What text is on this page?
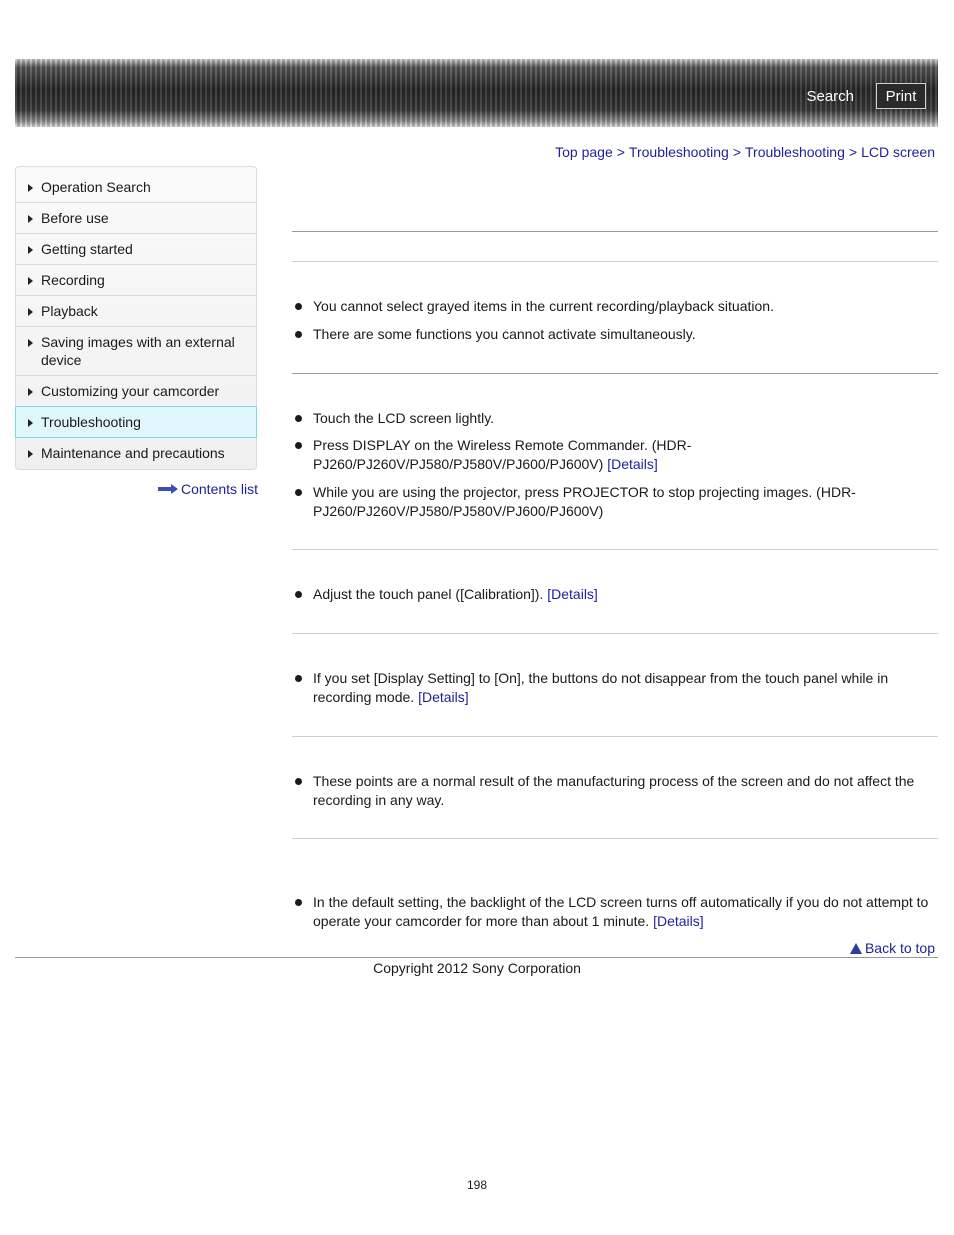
Search	Print
Top page > Troubleshooting > Troubleshooting > LCD screen
Operation Search
Before use
Getting started
Recording
Playback
Saving images with an external device
Customizing your camcorder
Troubleshooting
Maintenance and precautions
Contents list
You cannot select grayed items in the current recording/playback situation.
There are some functions you cannot activate simultaneously.
Touch the LCD screen lightly.
Press DISPLAY on the Wireless Remote Commander. (HDR-PJ260/PJ260V/PJ580/PJ580V/PJ600/PJ600V) [Details]
While you are using the projector, press PROJECTOR to stop projecting images. (HDR-PJ260/PJ260V/PJ580/PJ580V/PJ600/PJ600V)
Adjust the touch panel ([Calibration]). [Details]
If you set [Display Setting] to [On], the buttons do not disappear from the touch panel while in recording mode. [Details]
These points are a normal result of the manufacturing process of the screen and do not affect the recording in any way.
In the default setting, the backlight of the LCD screen turns off automatically if you do not attempt to operate your camcorder for more than about 1 minute. [Details]
Back to top
Copyright 2012 Sony Corporation
198
